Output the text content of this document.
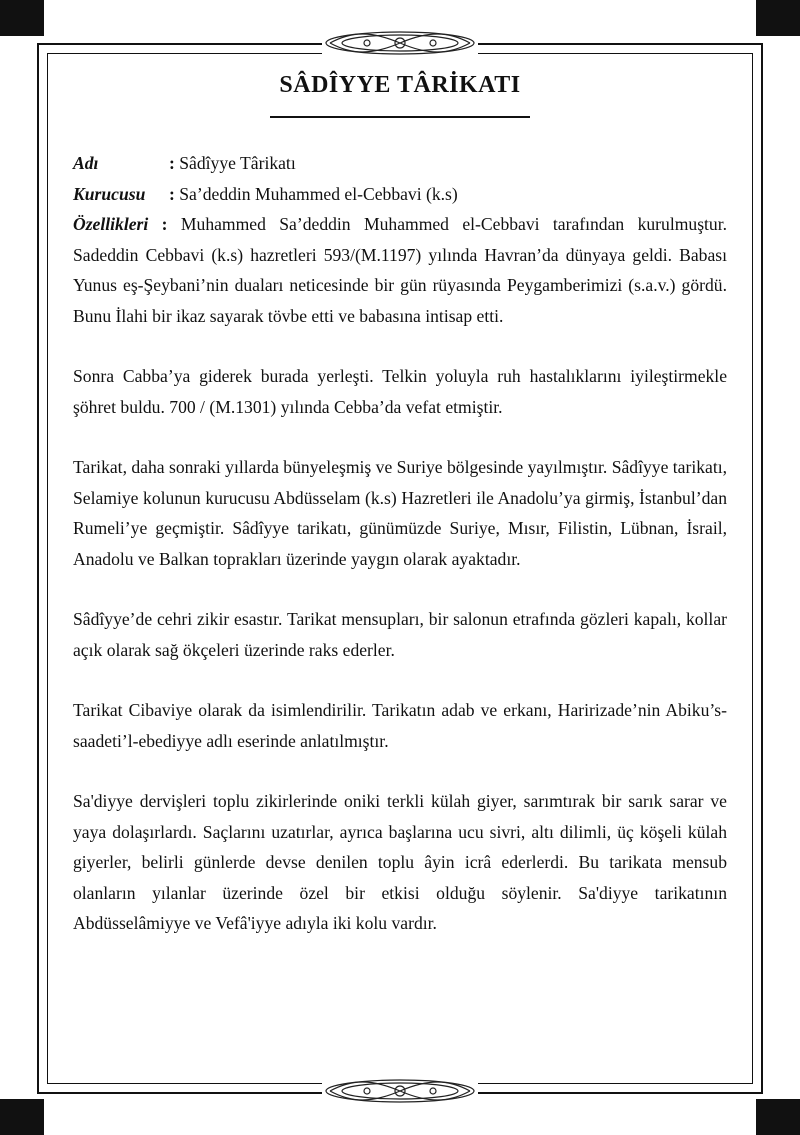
SÂDÎYYE TÂRİKATI

Adı	: Sâdîyye Târikatı

Kurucusu : Sa’deddin Muhammed el-Cebbavi (k.s)

Özellikleri : Muhammed Sa’deddin Muhammed el-Cebbavi tarafından kurulmuştur. Sadeddin Cebbavi (k.s) hazretleri 593/(M.1197) yılında Havran’da dünyaya geldi. Babası Yunus eş-Şeybani’nin duaları neticesinde bir gün rüyasında Peygamberimizi (s.a.v.) gördü. Bunu İlahi bir ikaz sayarak tövbe etti ve babasına intisap etti.

Sonra Cabba’ya giderek burada yerleşti. Telkin yoluyla ruh hastalıklarını iyileştirmekle şöhret buldu. 700 / (M.1301) yılında Cebba’da vefat etmiştir.

Tarikat, daha sonraki yıllarda bünyeleşmiş ve Suriye bölgesinde yayılmıştır. Sâdîyye tarikatı, Selamiye kolunun kurucusu Abdüsselam (k.s) Hazretleri ile Anadolu’ya girmiş, İstanbul’dan Rumeli’ye geçmiştir. Sâdîyye tarikatı, günümüzde Suriye, Mısır, Filistin, Lübnan, İsrail, Anadolu ve Balkan toprakları üzerinde yaygın olarak ayaktadır.

Sâdîyye’de cehri zikir esastır. Tarikat mensupları, bir salonun etrafında gözleri kapalı, kollar açık olarak sağ ökçeleri üzerinde raks ederler.

Tarikat Cibaviye olarak da isimlendirilir. Tarikatın adab ve erkanı, Haririzade’nin Abiku’s-saadeti’l-ebediyye adlı eserinde anlatılmıştır.

Sa'diyye dervişleri toplu zikirlerinde oniki terkli külah giyer, sarımtırak bir sarık sarar ve yaya dolaşırlardı. Saçlarını uzatırlar, ayrıca başlarına ucu sivri, altı dilimli, üç köşeli külah giyerler, belirli günlerde devse denilen toplu âyin icrâ ederlerdi. Bu tarikata mensub olanların yılanlar üzerinde özel bir etkisi olduğu söylenir. Sa'diyye tarikatının Abdüsselâmiyye ve Vefâ'iyye adıyla iki kolu vardır.
